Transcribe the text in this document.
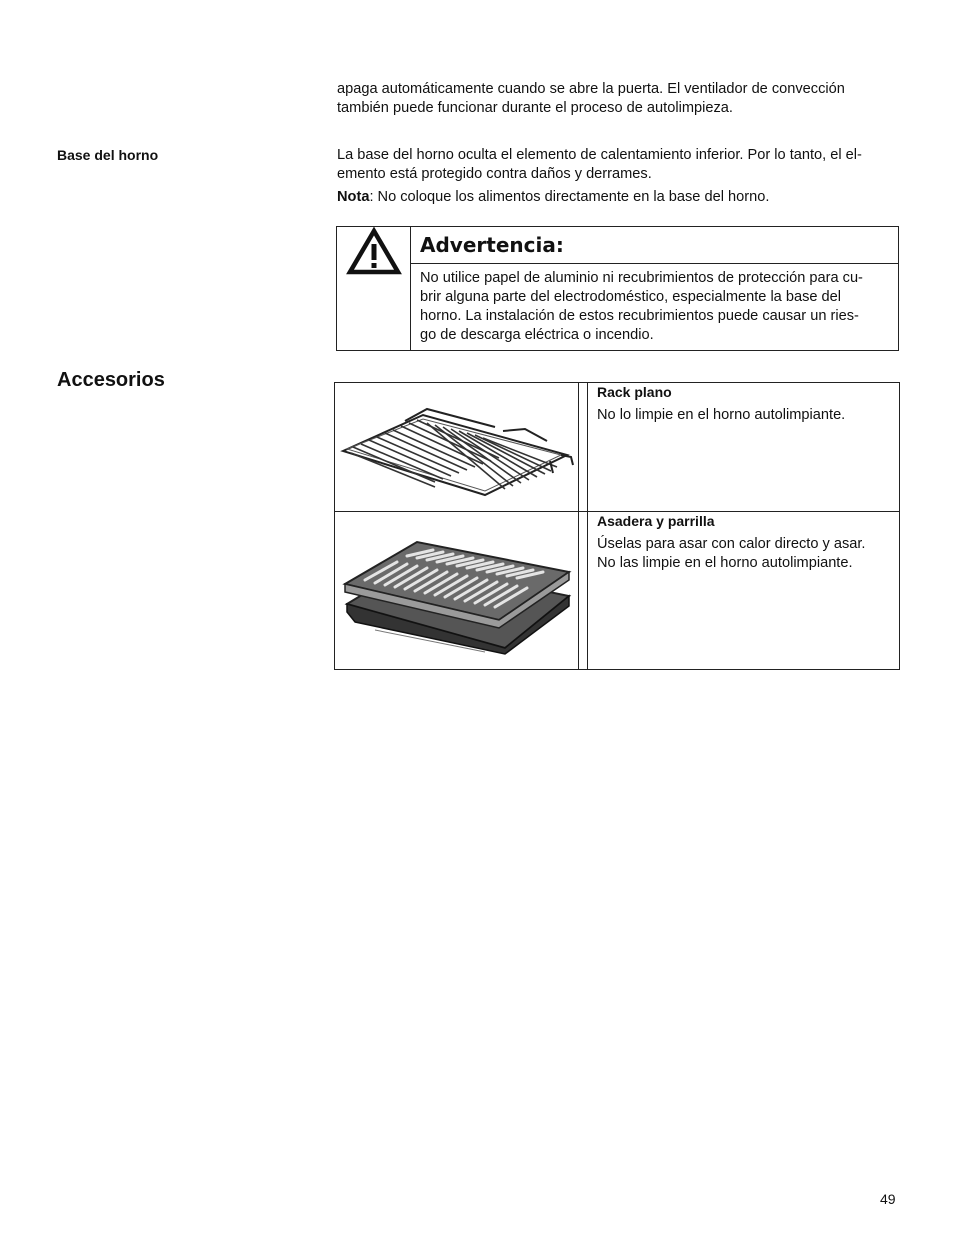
apaga automáticamente cuando se abre la puerta. El ventilador de convección

también puede funcionar durante el proceso de autolimpieza.

Base del horno	La base del horno oculta el elemento de calentamiento inferior. Por lo tanto, el el-

emento está protegido contra daños y derrames.

Nota: No coloque los alimentos directamente en la base del horno.

Advertencia:

No utilice papel de aluminio ni recubrimientos de protección para cu-

brir alguna parte del electrodoméstico, especialmente la base del

horno. La instalación de estos recubrimientos puede causar un ries-

go de descarga eléctrica o incendio.

Accesorios

Rack plano

No lo limpie en el horno autolimpiante.

Asadera y parrilla

Úselas para asar con calor directo y asar.

No las limpie en el horno autolimpiante.

49
